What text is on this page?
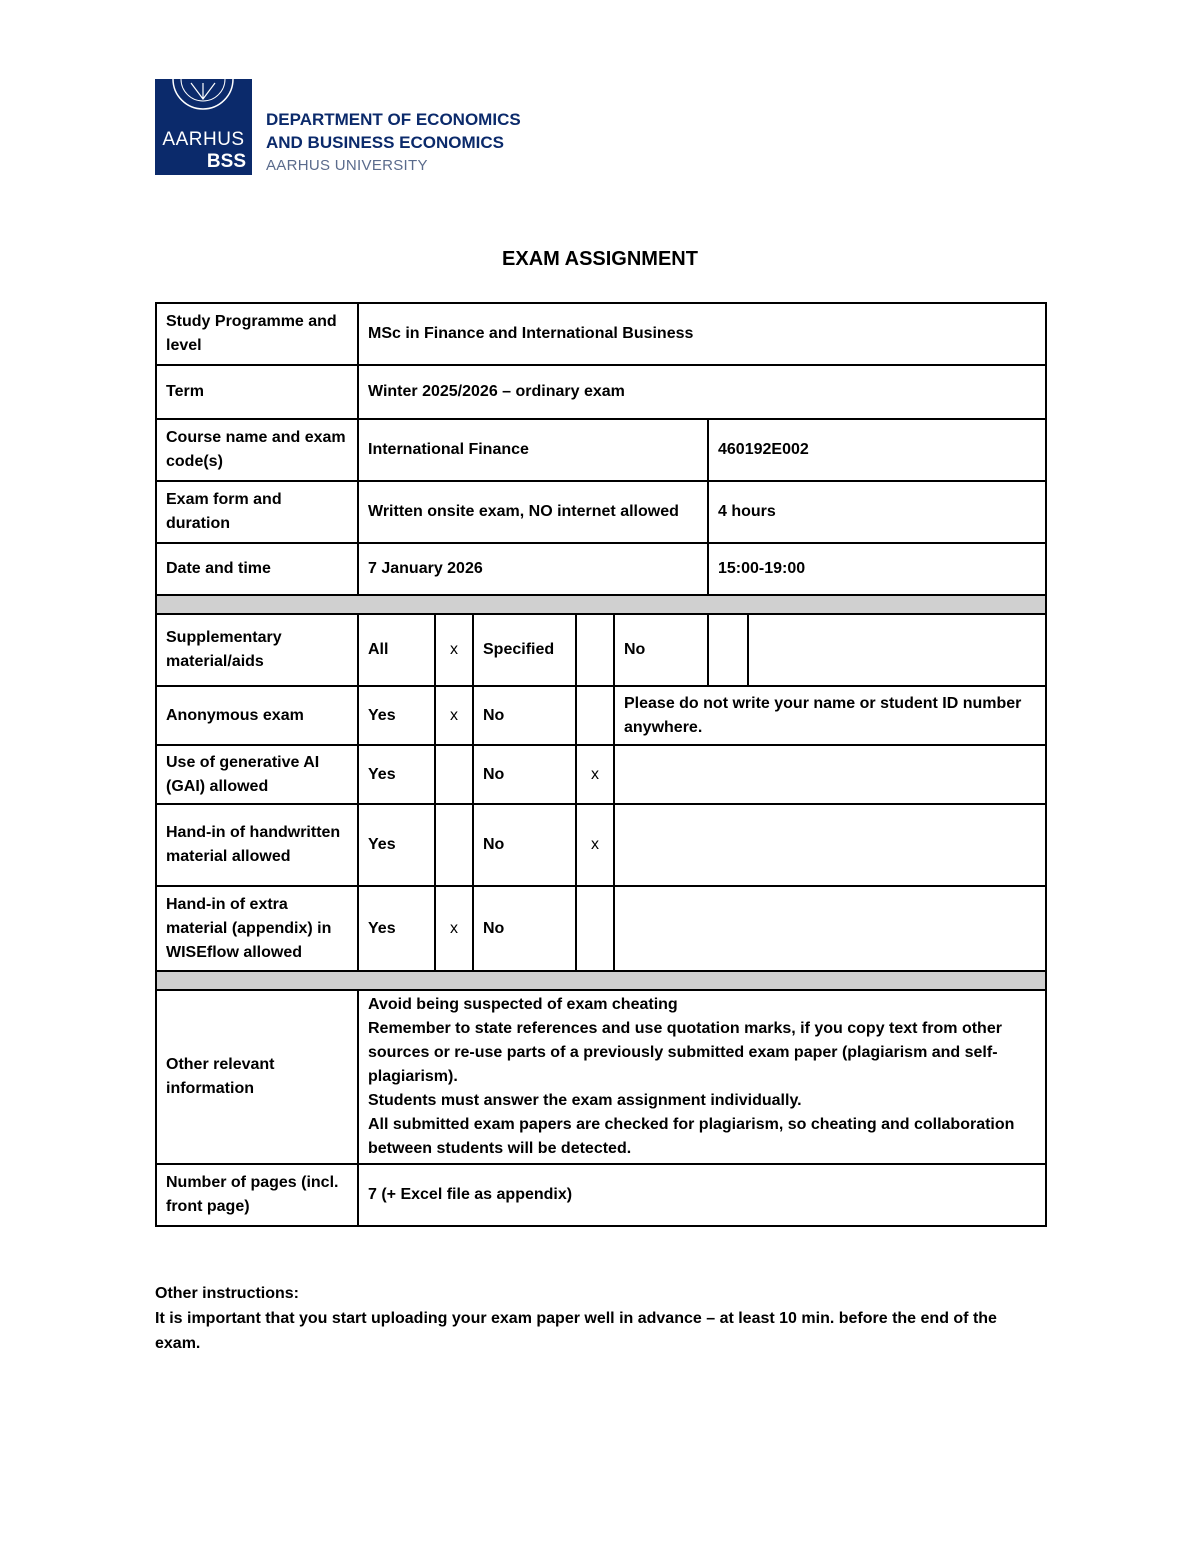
AARHUS
BSS
DEPARTMENT OF ECONOMICS
AND BUSINESS ECONOMICS
AARHUS UNIVERSITY
EXAM ASSIGNMENT
Study Programme and level	MSc in Finance and International Business						
Term	Winter 2025/2026 – ordinary exam						
Course name and exam code(s)	International Finance					460192E002	
Exam form and duration	Written onsite exam, NO internet allowed					4 hours	
Date and time	7 January 2026					15:00-19:00	

Supplementary material/aids	All	x	Specified		No		
Anonymous exam	Yes	x	No		Please do not write your name or student ID number anywhere.		
Use of generative AI (GAI) allowed	Yes		No	x			
Hand-in of handwritten material allowed	Yes		No	x			
Hand-in of extra material (appendix) in WISEflow allowed	Yes	x	No				

Other relevant information	Avoid being suspected of exam cheating
Remember to state references and use quotation marks, if you copy text from other sources or re-use parts of a previously submitted exam paper (plagiarism and self-plagiarism).
Students must answer the exam assignment individually.
All submitted exam papers are checked for plagiarism, so cheating and collaboration between students will be detected.						

Number of pages (incl. front page)	7 (+ Excel file as appendix)						
Other instructions:
It is important that you start uploading your exam paper well in advance – at least 10 min. before the end of the exam.
